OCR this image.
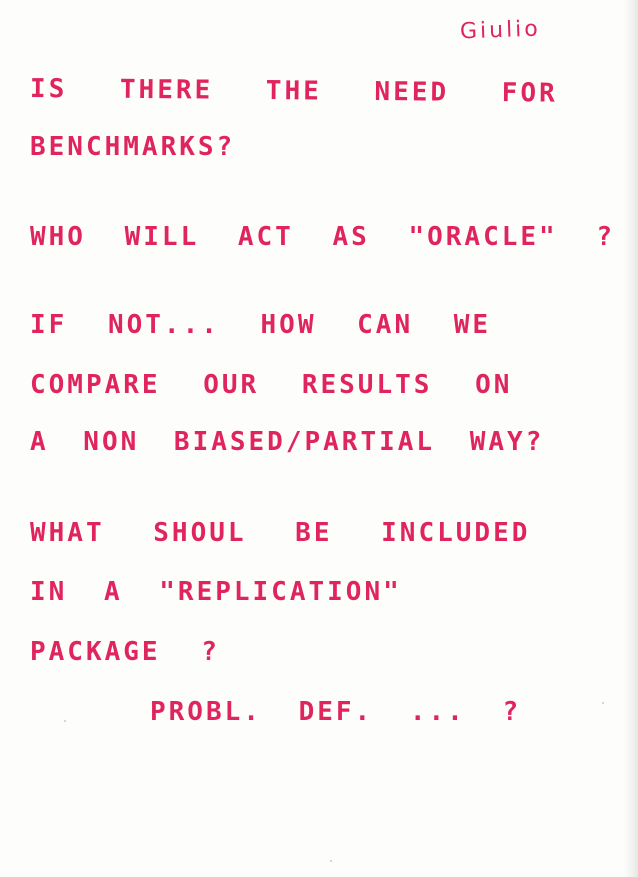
Giulio
IS THERE THE NEED FOR
BENCHMARKS?
WHO WILL ACT AS "ORACLE" ?
IF NOT... HOW CAN WE
COMPARE OUR RESULTS ON
A NON BIASED/PARTIAL WAY?
WHAT SHOUL BE INCLUDED
IN A "REPLICATION"
PACKAGE ?
PROBL. DEF. ... ?
